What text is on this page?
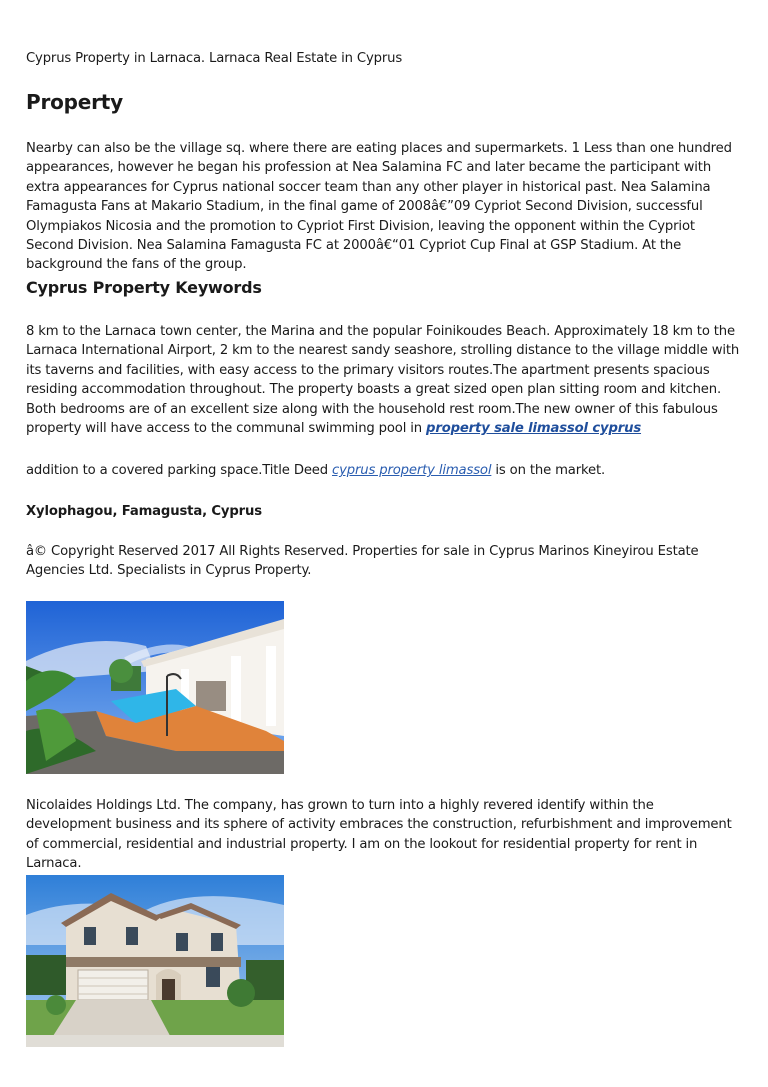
Cyprus Property in Larnaca. Larnaca Real Estate in Cyprus
Property

Nearby can also be the village sq. where there are eating places and supermarkets. 1 Less than one hundred appearances, however he began his profession at Nea Salamina FC and later became the participant with extra appearances for Cyprus national soccer team than any other player in historical past. Nea Salamina Famagusta Fans at Makario Stadium, in the final game of 2008â€”09 Cypriot Second Division, successful Olympiakos Nicosia and the promotion to Cypriot First Division, leaving the opponent within the Cypriot Second Division. Nea Salamina Famagusta FC at 2000â€“01 Cypriot Cup Final at GSP Stadium. At the background the fans of the group.

Cyprus Property Keywords

8 km to the Larnaca town center, the Marina and the popular Foinikoudes Beach. Approximately 18 km to the Larnaca International Airport, 2 km to the nearest sandy seashore, strolling distance to the village middle with its taverns and facilities, with easy access to the primary visitors routes.The apartment presents spacious residing accommodation throughout. The property boasts a great sized open plan sitting room and kitchen. Both bedrooms are of an excellent size along with the household rest room.The new owner of this fabulous property will have access to the communal swimming pool in property sale limassol cyprus

addition to a covered parking space.Title Deed cyprus property limassol is on the market.

Xylophagou, Famagusta, Cyprus

â© Copyright Reserved 2017 All Rights Reserved. Properties for sale in Cyprus Marinos Kineyirou Estate Agencies Ltd. Specialists in Cyprus Property.

Nicolaides Holdings Ltd. The company, has grown to turn into a highly revered identify within the development business and its sphere of activity embraces the construction, refurbishment and improvement of commercial, residential and industrial property. I am on the lookout for residential property for rent in Larnaca.
